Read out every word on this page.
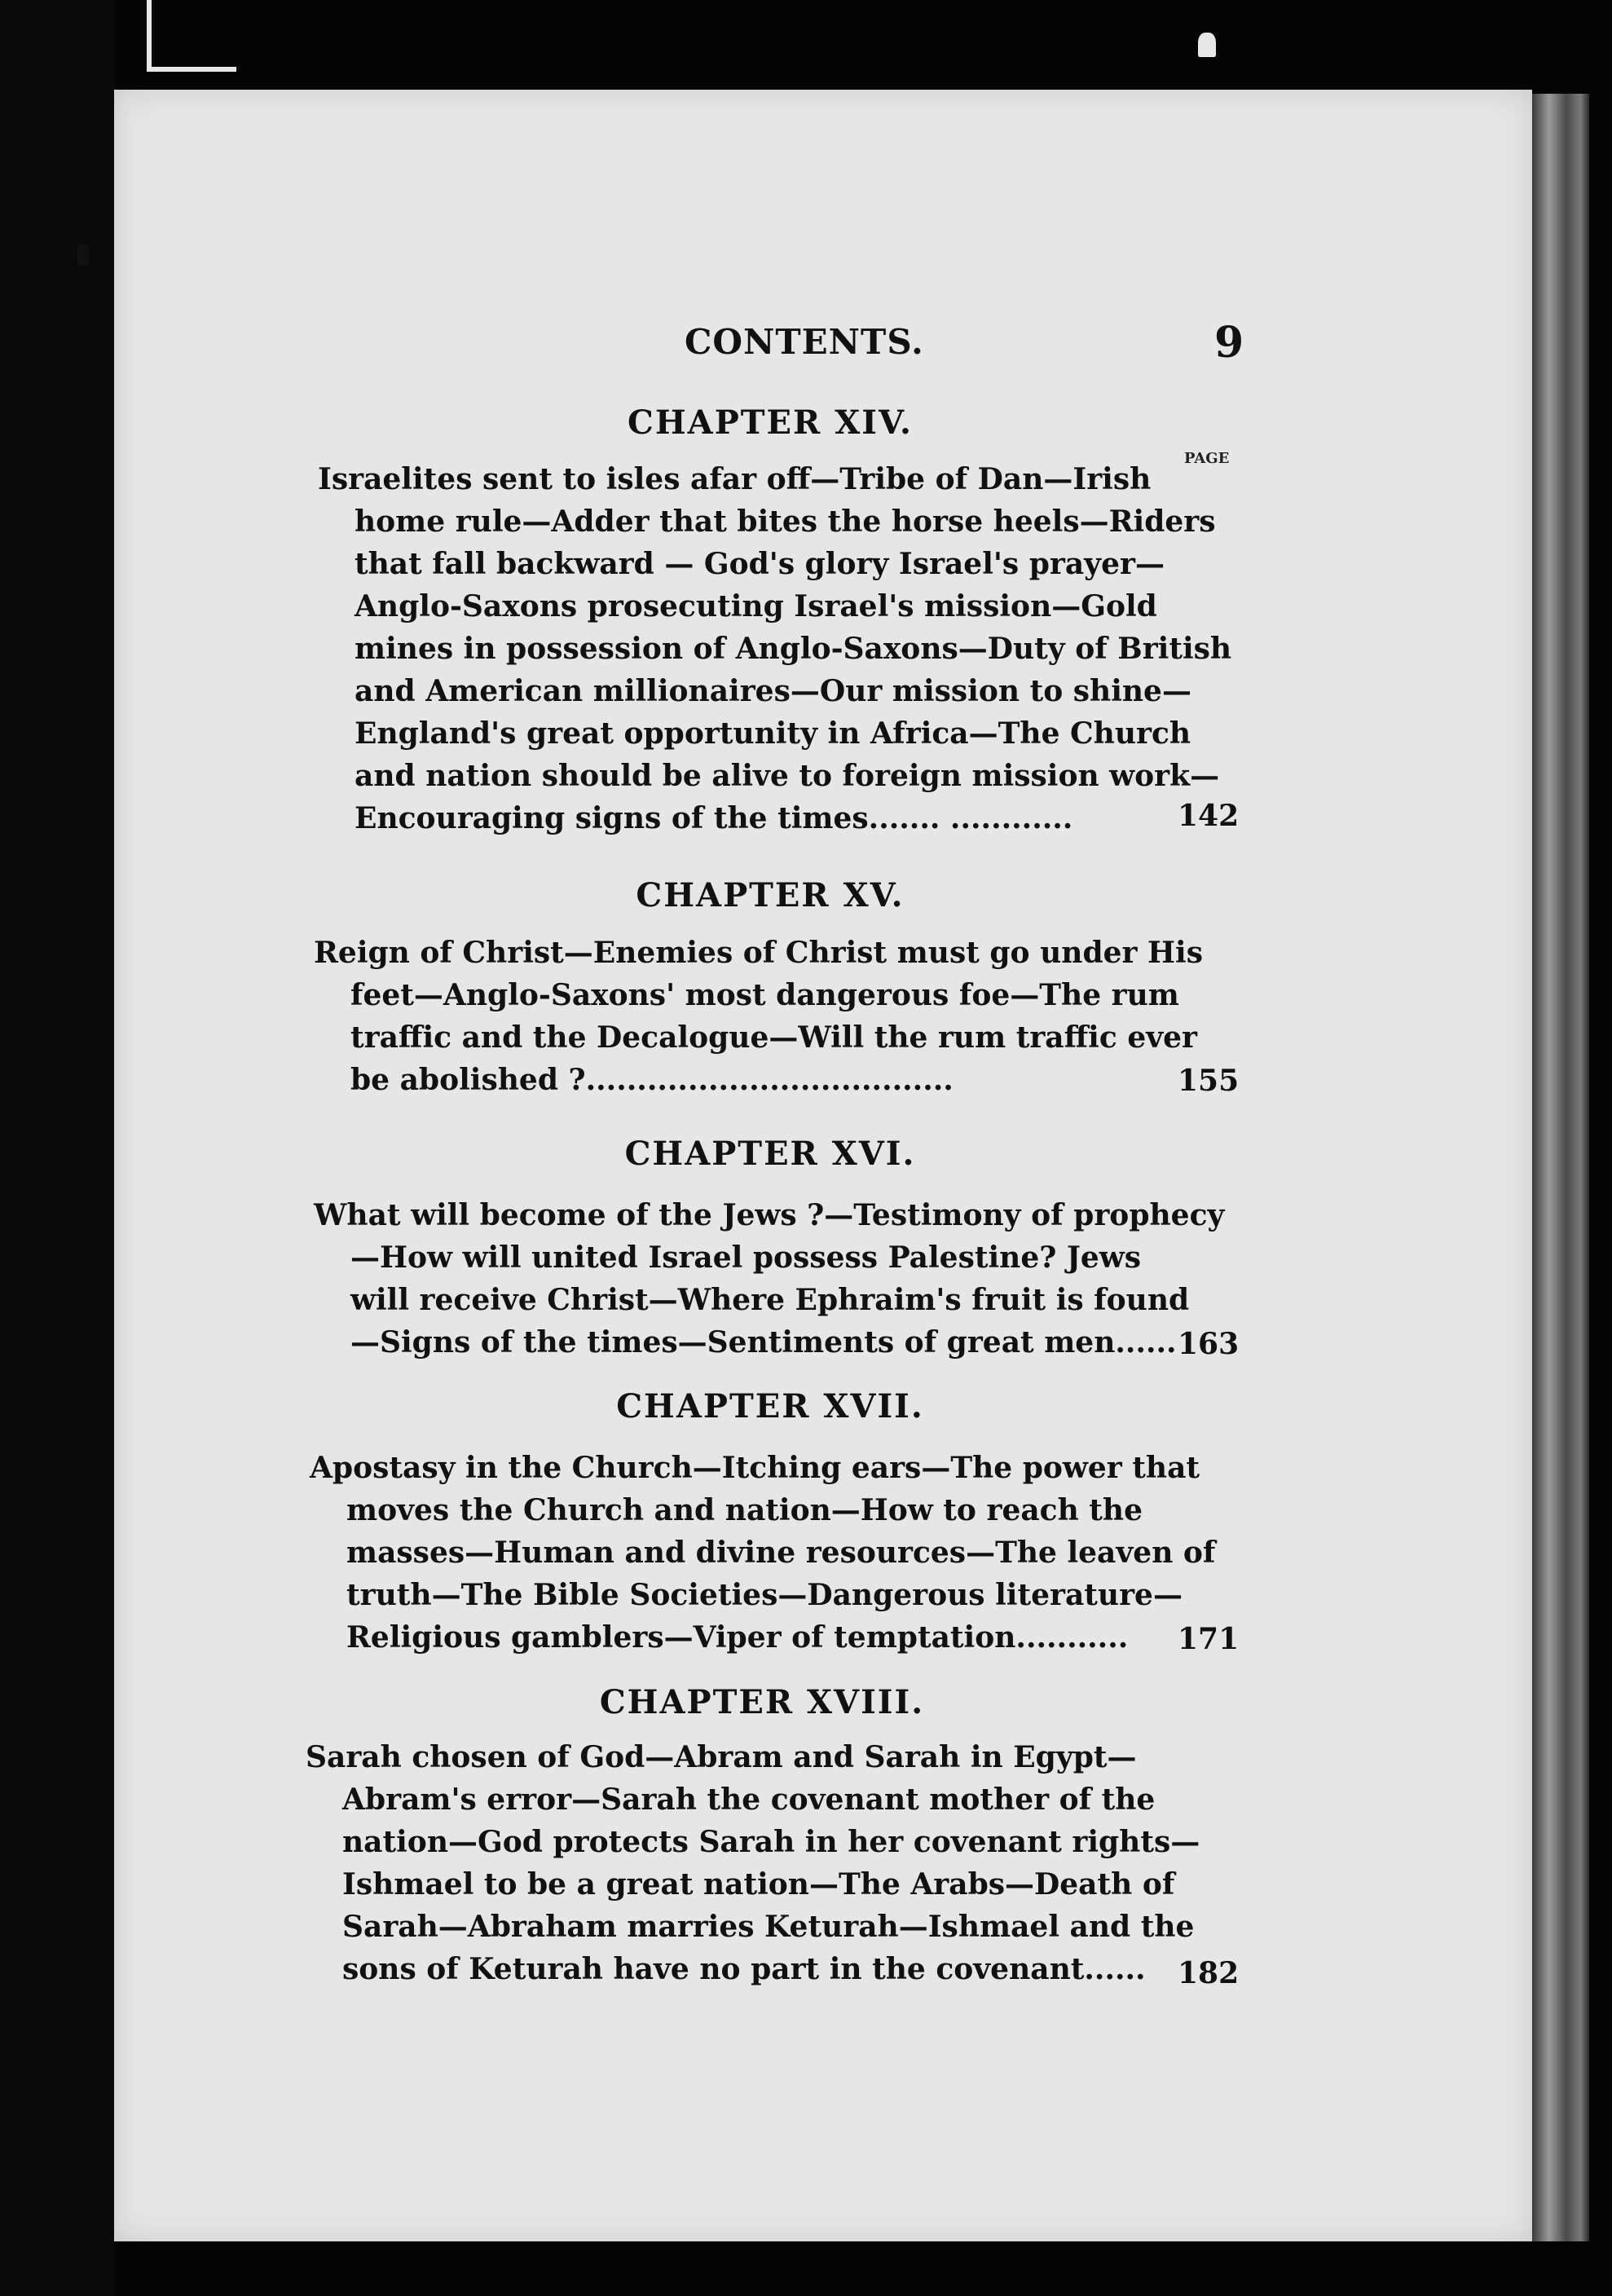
CONTENTS.	9
PAGE
CHAPTER XIV.
Israelites sent to isles afar off—Tribe of Dan—Irish
home rule—Adder that bites the horse heels—Riders
that fall backward — God's glory Israel's prayer—
Anglo-Saxons prosecuting Israel's mission—Gold
mines in possession of Anglo-Saxons—Duty of British
and American millionaires—Our mission to shine—
England's great opportunity in Africa—The Church
and nation should be alive to foreign mission work—
Encouraging signs of the times....... ............	142
CHAPTER XV.
Reign of Christ—Enemies of Christ must go under His
feet—Anglo-Saxons' most dangerous foe—The rum
traffic and the Decalogue—Will the rum traffic ever
be abolished ?....................................	155
CHAPTER XVI.
What will become of the Jews ?—Testimony of prophecy
—How will united Israel possess Palestine? Jews
will receive Christ—Where Ephraim's fruit is found
—Signs of the times—Sentiments of great men...... 163
CHAPTER XVII.
Apostasy in the Church—Itching ears—The power that
moves the Church and nation—How to reach the
masses—Human and divine resources—The leaven of
truth—The Bible Societies—Dangerous literature—
Religious gamblers—Viper of temptation...........	171
CHAPTER XVIII.
Sarah chosen of God—Abram and Sarah in Egypt—
Abram's error—Sarah the covenant mother of the
nation—God protects Sarah in her covenant rights—
Ishmael to be a great nation—The Arabs—Death of
Sarah—Abraham marries Keturah—Ishmael and the
sons of Keturah have no part in the covenant...... 182
